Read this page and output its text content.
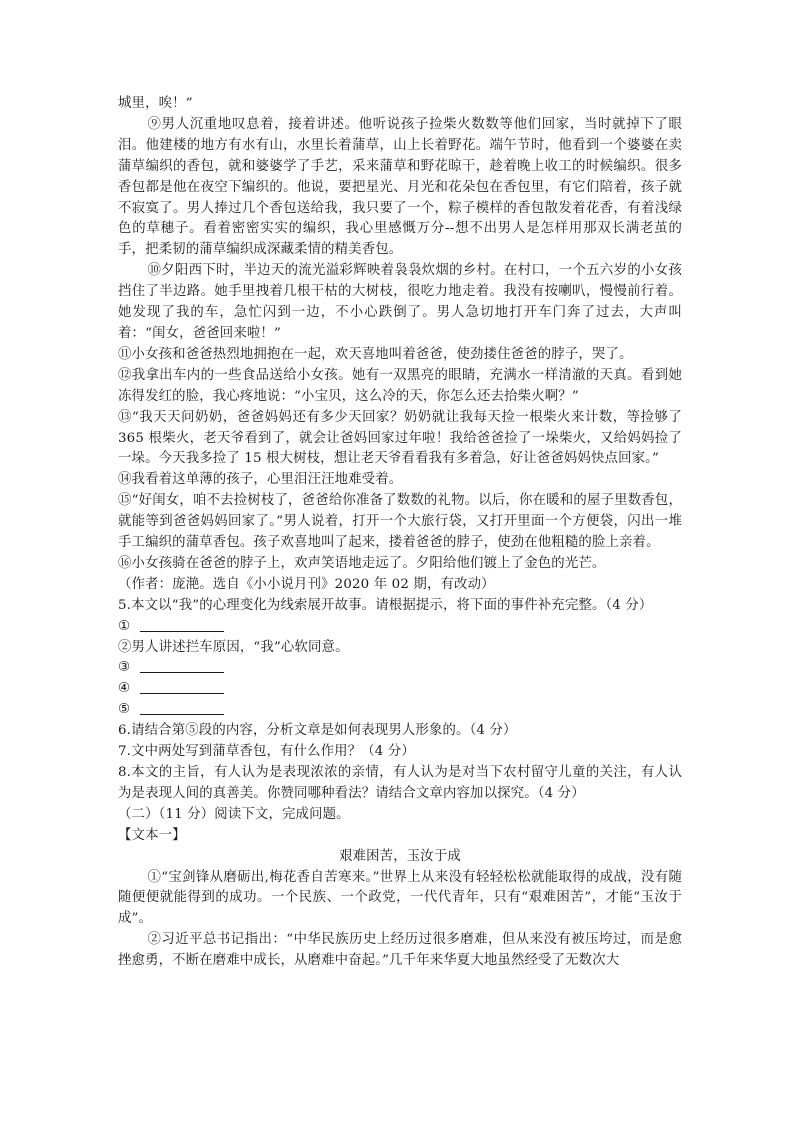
城里，唉！”

⑨男人沉重地叹息着，接着讲述。他听说孩子捡柴火数数等他们回家，当时就掉下了眼泪。他建楼的地方有水有山，水里长着蒲草，山上长着野花。端午节时，他看到一个婆婆在卖蒲草编织的香包，就和婆婆学了手艺，采来蒲草和野花晾干，趁着晚上收工的时候编织。很多香包都是他在夜空下编织的。他说，要把星光、月光和花朵包在香包里，有它们陪着，孩子就不寂寞了。男人捧过几个香包送给我，我只要了一个，粽子模样的香包散发着花香，有着浅绿色的草穗子。看着密密实实的编织，我心里感慨万分--想不出男人是怎样用那双长满老茧的手，把柔韧的蒲草编织成深藏柔情的精美香包。

⑩夕阳西下时，半边天的流光溢彩辉映着袅袅炊烟的乡村。在村口，一个五六岁的小女孩挡住了半边路。她手里拽着几根干枯的大树枝，很吃力地走着。我没有按喇叭，慢慢前行着。她发现了我的车，急忙闪到一边，不小心跌倒了。男人急切地打开车门奔了过去，大声叫着：“闺女，爸爸回来啦！”

⑪小女孩和爸爸热烈地拥抱在一起，欢天喜地叫着爸爸，使劲搂住爸爸的脖子，哭了。

⑫我拿出车内的一些食品送给小女孩。她有一双黑亮的眼睛，充满水一样清澈的天真。看到她冻得发红的脸，我心疼地说：“小宝贝，这么冷的天，你怎么还去拾柴火啊？”

⑬“我天天问奶奶，爸爸妈妈还有多少天回家？奶奶就让我每天捡一根柴火来计数，等捡够了 365 根柴火，老天爷看到了，就会让爸妈回家过年啦！我给爸爸捡了一垛柴火，又给妈妈捡了一垛。今天我多捡了 15 根大树枝，想让老天爷看看我有多着急，好让爸爸妈妈快点回家。”

⑭我看着这单薄的孩子，心里泪汪汪地难受着。

⑮“好闺女，咱不去捡树枝了，爸爸给你准备了数数的礼物。以后，你在暖和的屋子里数香包，就能等到爸爸妈妈回家了。”男人说着，打开一个大旅行袋，又打开里面一个方便袋，闪出一堆手工编织的蒲草香包。孩子欢喜地叫了起来，搂着爸爸的脖子，使劲在他粗糙的脸上亲着。

⑯小女孩骑在爸爸的脖子上，欢声笑语地走远了。夕阳给他们镀上了金色的光芒。

（作者：庞滟。选自《小小说月刊》2020 年 02 期，有改动）

5.本文以“我”的心理变化为线索展开故事。请根据提示，将下面的事件补充完整。（4 分）

①

②男人讲述拦车原因，“我”心软同意。

③

④

⑤

6.请结合第⑤段的内容，分析文章是如何表现男人形象的。（4 分）

7.文中两处写到蒲草香包，有什么作用？（4 分）

8.本文的主旨，有人认为是表现浓浓的亲情，有人认为是对当下农村留守儿童的关注，有人认为是表现人间的真善美。你赞同哪种看法？请结合文章内容加以探究。（4 分）

（二）（11 分）阅读下文，完成问题。

【文本一】

艰难困苦，玉汝于成

①“宝剑锋从磨砺出,梅花香自苦寒来。”世界上从来没有轻轻松松就能取得的成战，没有随随便便就能得到的成功。一个民族、一个政党，一代代青年，只有“艰难困苦”，才能“玉汝于成”。

②习近平总书记指出：“中华民族历史上经历过很多磨难，但从来没有被压垮过，而是愈挫愈勇，不断在磨难中成长，从磨难中奋起。”几千年来华夏大地虽然经受了无数次大
